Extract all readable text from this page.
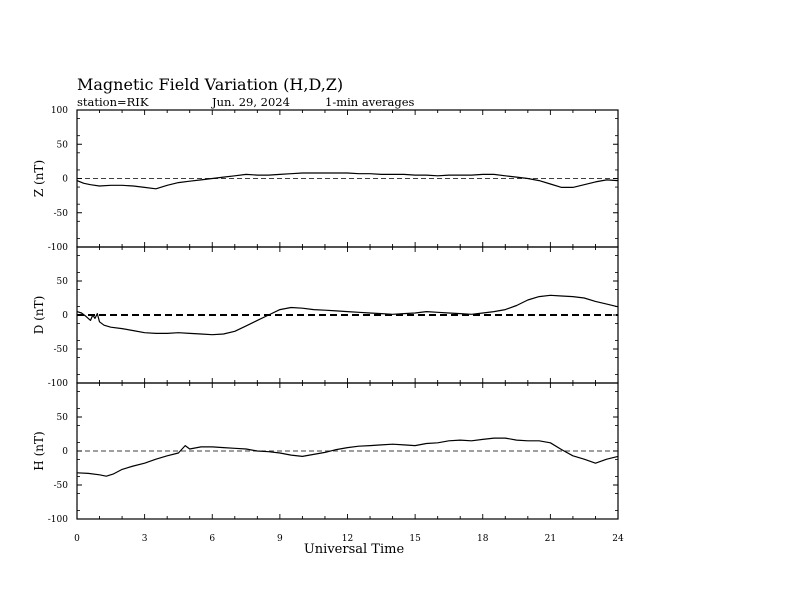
Magnetic Field Variation (H,D,Z)
station=RIK	Jun. 29, 2024	1-min averages
100
50
0
-50
-100
Z (nT)
50
0
-50
-100
D (nT)
50
0
-50
-100
H (nT)
0	3	6	9	12	15	18	21	24
Universal Time
